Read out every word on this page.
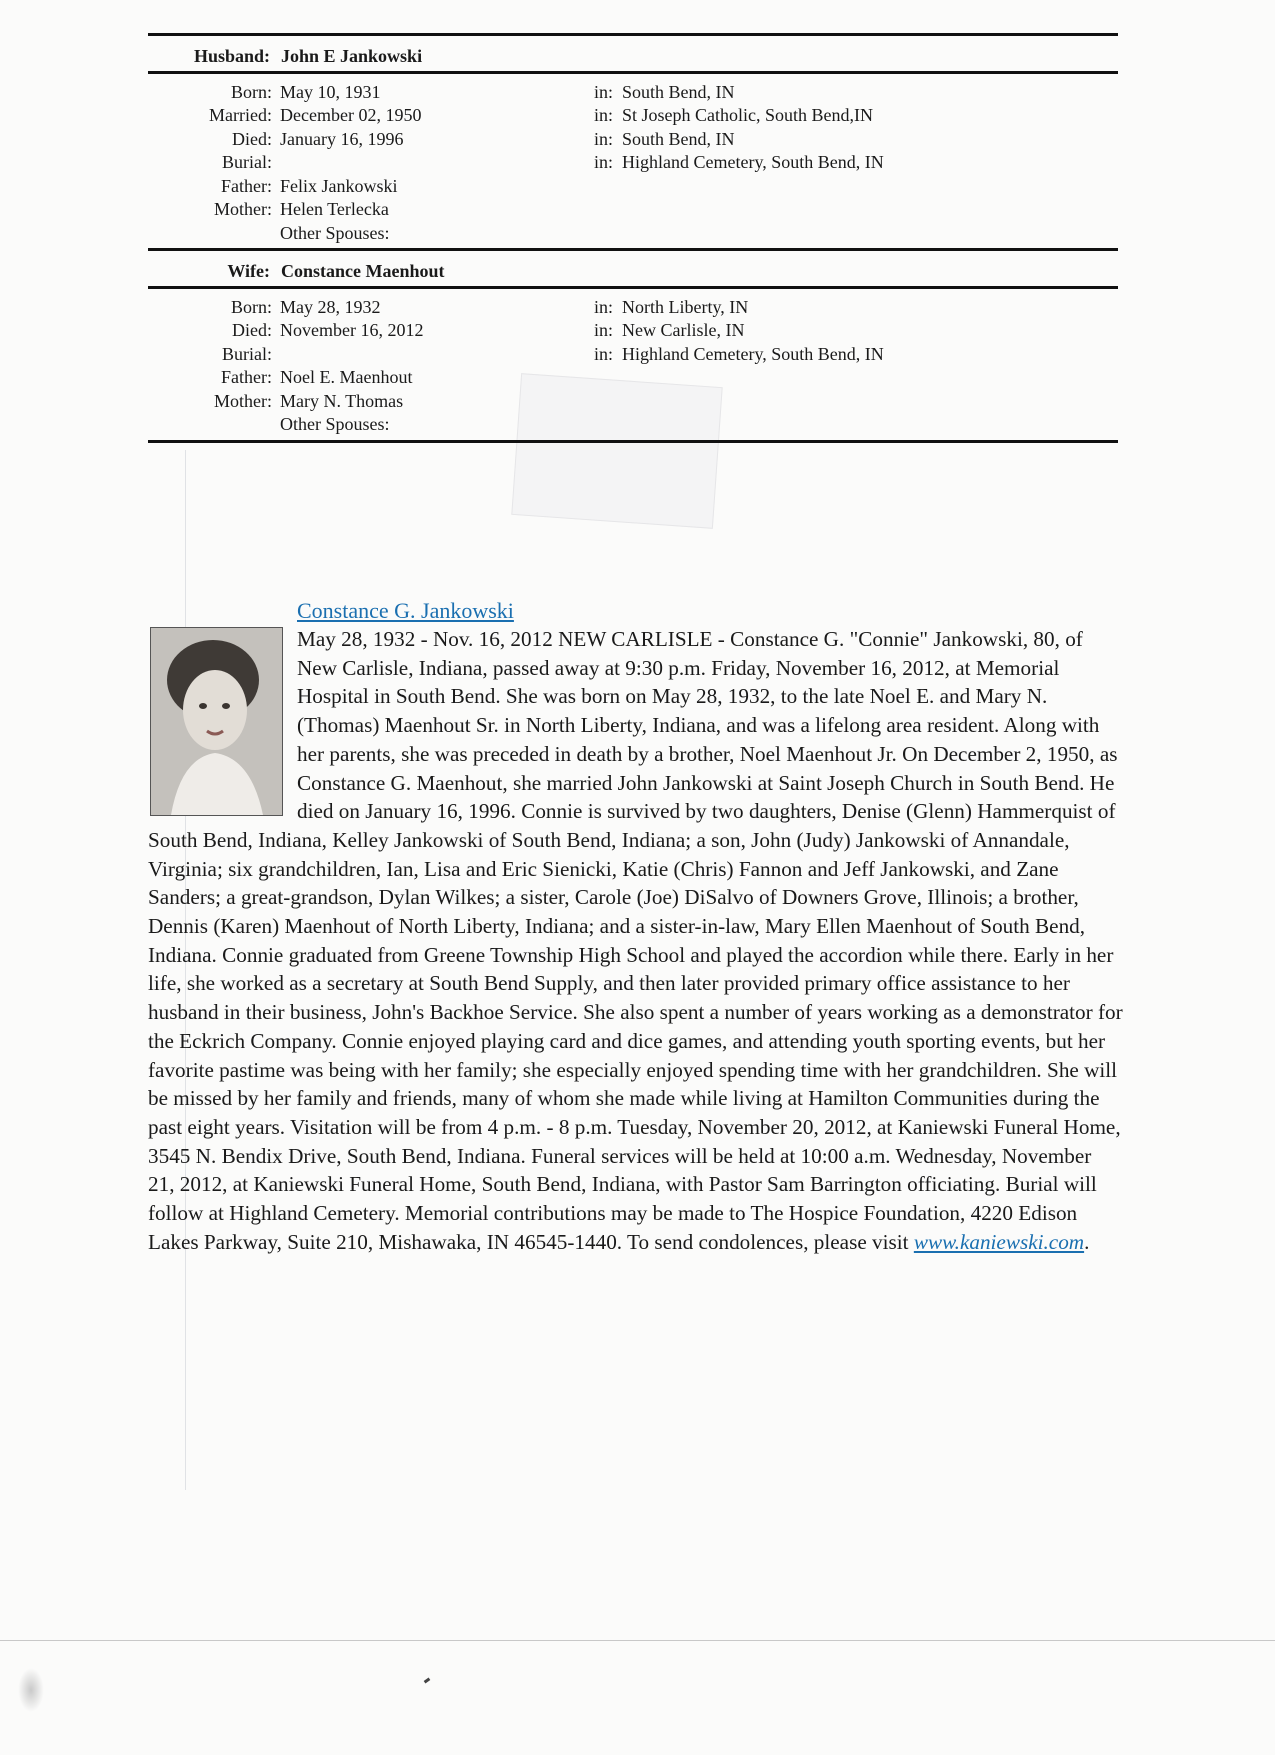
Husband: John E Jankowski
Born: May 10, 1931
Married: December 02, 1950
Died: January 16, 1996
Burial:
Father: Felix Jankowski
Mother: Helen Terlecka
Other Spouses:
in: South Bend, IN
in: St Joseph Catholic, South Bend,IN
in: South Bend, IN
in: Highland Cemetery, South Bend, IN
Wife: Constance Maenhout
Born: May 28, 1932
Died: November 16, 2012
Burial:
Father: Noel E. Maenhout
Mother: Mary N. Thomas
Other Spouses:
in: North Liberty, IN
in: New Carlisle, IN
in: Highland Cemetery, South Bend, IN
Constance G. Jankowski

May 28, 1932 - Nov. 16, 2012 NEW CARLISLE - Constance G. "Connie" Jankowski, 80, of New Carlisle, Indiana, passed away at 9:30 p.m. Friday, November 16, 2012, at Memorial Hospital in South Bend. She was born on May 28, 1932, to the late Noel E. and Mary N. (Thomas) Maenhout Sr. in North Liberty, Indiana, and was a lifelong area resident. Along with her parents, she was preceded in death by a brother, Noel Maenhout Jr. On December 2, 1950, as Constance G. Maenhout, she married John Jankowski at Saint Joseph Church in South Bend. He died on January 16, 1996. Connie is survived by two daughters, Denise (Glenn) Hammerquist of South Bend, Indiana, Kelley Jankowski of South Bend, Indiana; a son, John (Judy) Jankowski of Annandale, Virginia; six grandchildren, Ian, Lisa and Eric Sienicki, Katie (Chris) Fannon and Jeff Jankowski, and Zane Sanders; a great-grandson, Dylan Wilkes; a sister, Carole (Joe) DiSalvo of Downers Grove, Illinois; a brother, Dennis (Karen) Maenhout of North Liberty, Indiana; and a sister-in-law, Mary Ellen Maenhout of South Bend, Indiana. Connie graduated from Greene Township High School and played the accordion while there. Early in her life, she worked as a secretary at South Bend Supply, and then later provided primary office assistance to her husband in their business, John's Backhoe Service. She also spent a number of years working as a demonstrator for the Eckrich Company. Connie enjoyed playing card and dice games, and attending youth sporting events, but her favorite pastime was being with her family; she especially enjoyed spending time with her grandchildren. She will be missed by her family and friends, many of whom she made while living at Hamilton Communities during the past eight years. Visitation will be from 4 p.m. - 8 p.m. Tuesday, November 20, 2012, at Kaniewski Funeral Home, 3545 N. Bendix Drive, South Bend, Indiana. Funeral services will be held at 10:00 a.m. Wednesday, November 21, 2012, at Kaniewski Funeral Home, South Bend, Indiana, with Pastor Sam Barrington officiating. Burial will follow at Highland Cemetery. Memorial contributions may be made to The Hospice Foundation, 4220 Edison Lakes Parkway, Suite 210, Mishawaka, IN 46545-1440. To send condolences, please visit www.kaniewski.com.
